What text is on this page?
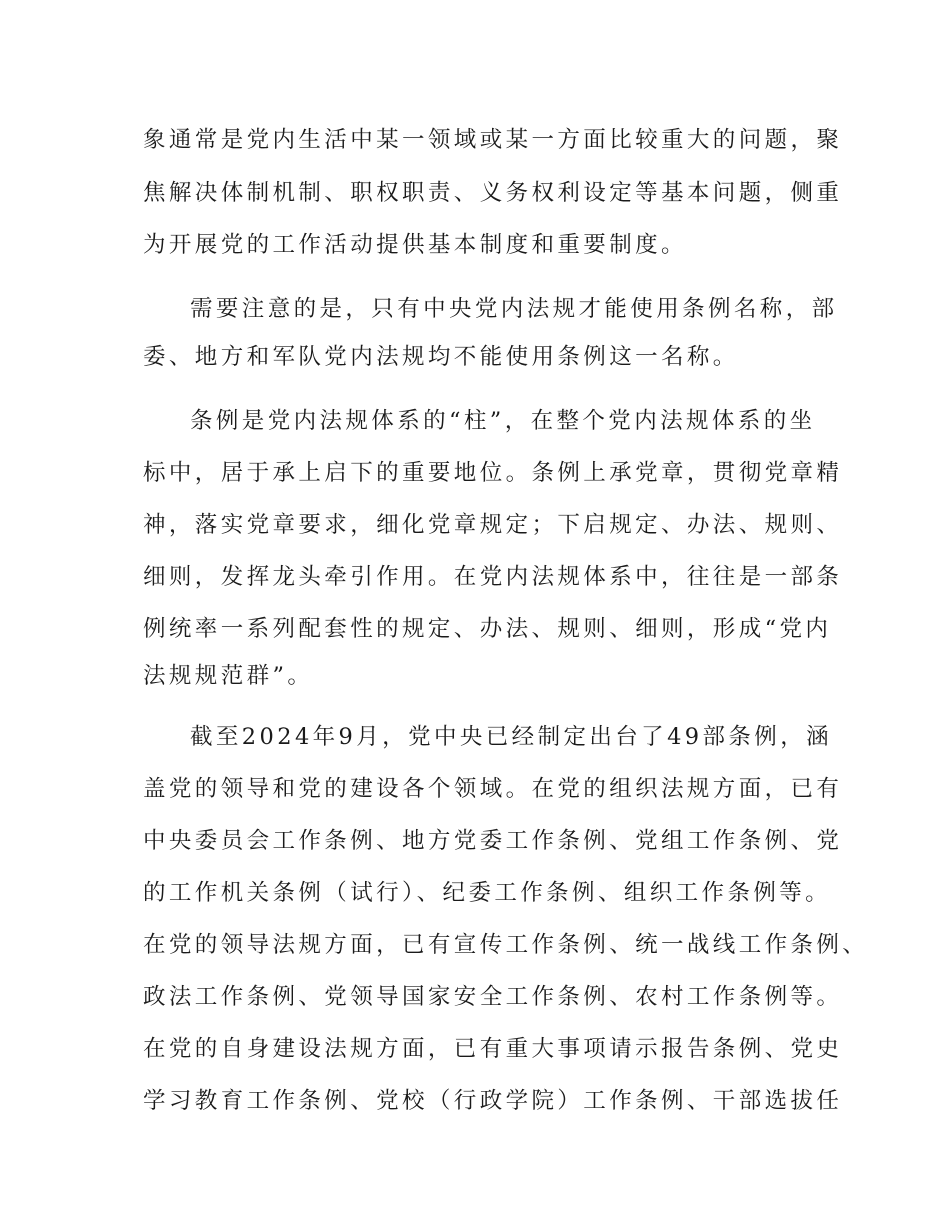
象通常是党内生活中某一领域或某一方面比较重大的问题，聚
焦解决体制机制、职权职责、义务权利设定等基本问题，侧重
为开展党的工作活动提供基本制度和重要制度。
需要注意的是，只有中央党内法规才能使用条例名称，部
委、地方和军队党内法规均不能使用条例这一名称。
条例是党内法规体系的“柱”，在整个党内法规体系的坐
标中，居于承上启下的重要地位。条例上承党章，贯彻党章精
神，落实党章要求，细化党章规定；下启规定、办法、规则、
细则，发挥龙头牵引作用。在党内法规体系中，往往是一部条
例统率一系列配套性的规定、办法、规则、细则，形成“党内
法规规范群”。
截至2024年9月，党中央已经制定出台了49部条例，涵
盖党的领导和党的建设各个领域。在党的组织法规方面，已有
中央委员会工作条例、地方党委工作条例、党组工作条例、党
的工作机关条例（试行）、纪委工作条例、组织工作条例等。
在党的领导法规方面，已有宣传工作条例、统一战线工作条例、
政法工作条例、党领导国家安全工作条例、农村工作条例等。
在党的自身建设法规方面，已有重大事项请示报告条例、党史
学习教育工作条例、党校（行政学院）工作条例、干部选拔任
